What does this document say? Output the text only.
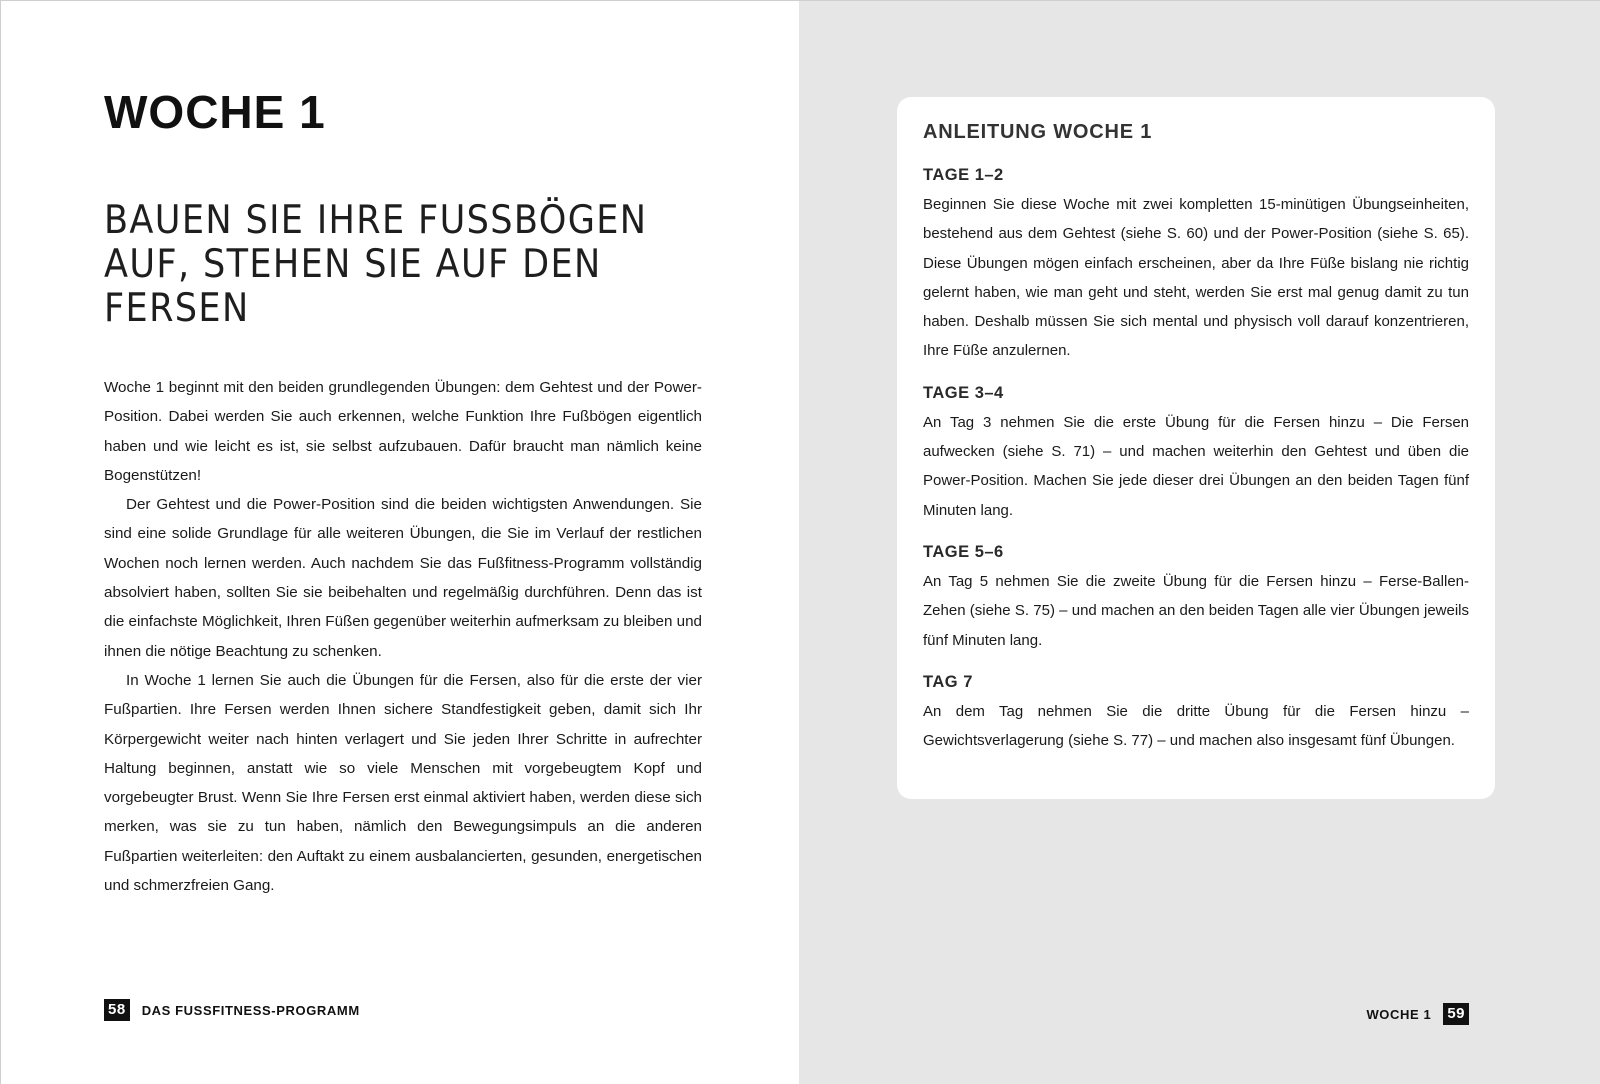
WOCHE 1
BAUEN SIE IHRE FUSSBÖGEN AUF, STEHEN SIE AUF DEN FERSEN

Woche 1 beginnt mit den beiden grundlegenden Übungen: dem Gehtest und der Power-Position. Dabei werden Sie auch erkennen, welche Funktion Ihre Fußbögen eigentlich haben und wie leicht es ist, sie selbst aufzubauen. Dafür braucht man nämlich keine Bogenstützen!

Der Gehtest und die Power-Position sind die beiden wichtigsten Anwendungen. Sie sind eine solide Grundlage für alle weiteren Übungen, die Sie im Verlauf der restlichen Wochen noch lernen werden. Auch nachdem Sie das Fußfitness-Programm vollständig absolviert haben, sollten Sie sie beibehalten und regelmäßig durchführen. Denn das ist die einfachste Möglichkeit, Ihren Füßen gegenüber weiterhin aufmerksam zu bleiben und ihnen die nötige Beachtung zu schenken.

In Woche 1 lernen Sie auch die Übungen für die Fersen, also für die erste der vier Fußpartien. Ihre Fersen werden Ihnen sichere Standfestigkeit geben, damit sich Ihr Körpergewicht weiter nach hinten verlagert und Sie jeden Ihrer Schritte in aufrechter Haltung beginnen, anstatt wie so viele Menschen mit vorgebeugtem Kopf und vorgebeugter Brust. Wenn Sie Ihre Fersen erst einmal aktiviert haben, werden diese sich merken, was sie zu tun haben, nämlich den Bewegungsimpuls an die anderen Fußpartien weiterleiten: den Auftakt zu einem ausbalancierten, gesunden, energetischen und schmerzfreien Gang.

58	DAS FUSSFITNESS-PROGRAMM
ANLEITUNG WOCHE 1
TAGE 1–2
Beginnen Sie diese Woche mit zwei kompletten 15-minütigen Übungseinheiten, bestehend aus dem Gehtest (siehe S. 60) und der Power-Position (siehe S. 65). Diese Übungen mögen einfach erscheinen, aber da Ihre Füße bislang nie richtig gelernt haben, wie man geht und steht, werden Sie erst mal genug damit zu tun haben. Deshalb müssen Sie sich mental und physisch voll darauf konzentrieren, Ihre Füße anzulernen.
TAGE 3–4
An Tag 3 nehmen Sie die erste Übung für die Fersen hinzu – Die Fersen aufwecken (siehe S. 71) – und machen weiterhin den Gehtest und üben die Power-Position. Machen Sie jede dieser drei Übungen an den beiden Tagen fünf Minuten lang.
TAGE 5–6
An Tag 5 nehmen Sie die zweite Übung für die Fersen hinzu – Ferse-Ballen-Zehen (siehe S. 75) – und machen an den beiden Tagen alle vier Übungen jeweils fünf Minuten lang.
TAG 7
An dem Tag nehmen Sie die dritte Übung für die Fersen hinzu – Gewichtsverlagerung (siehe S. 77) – und machen also insgesamt fünf Übungen.
WOCHE 1 59
